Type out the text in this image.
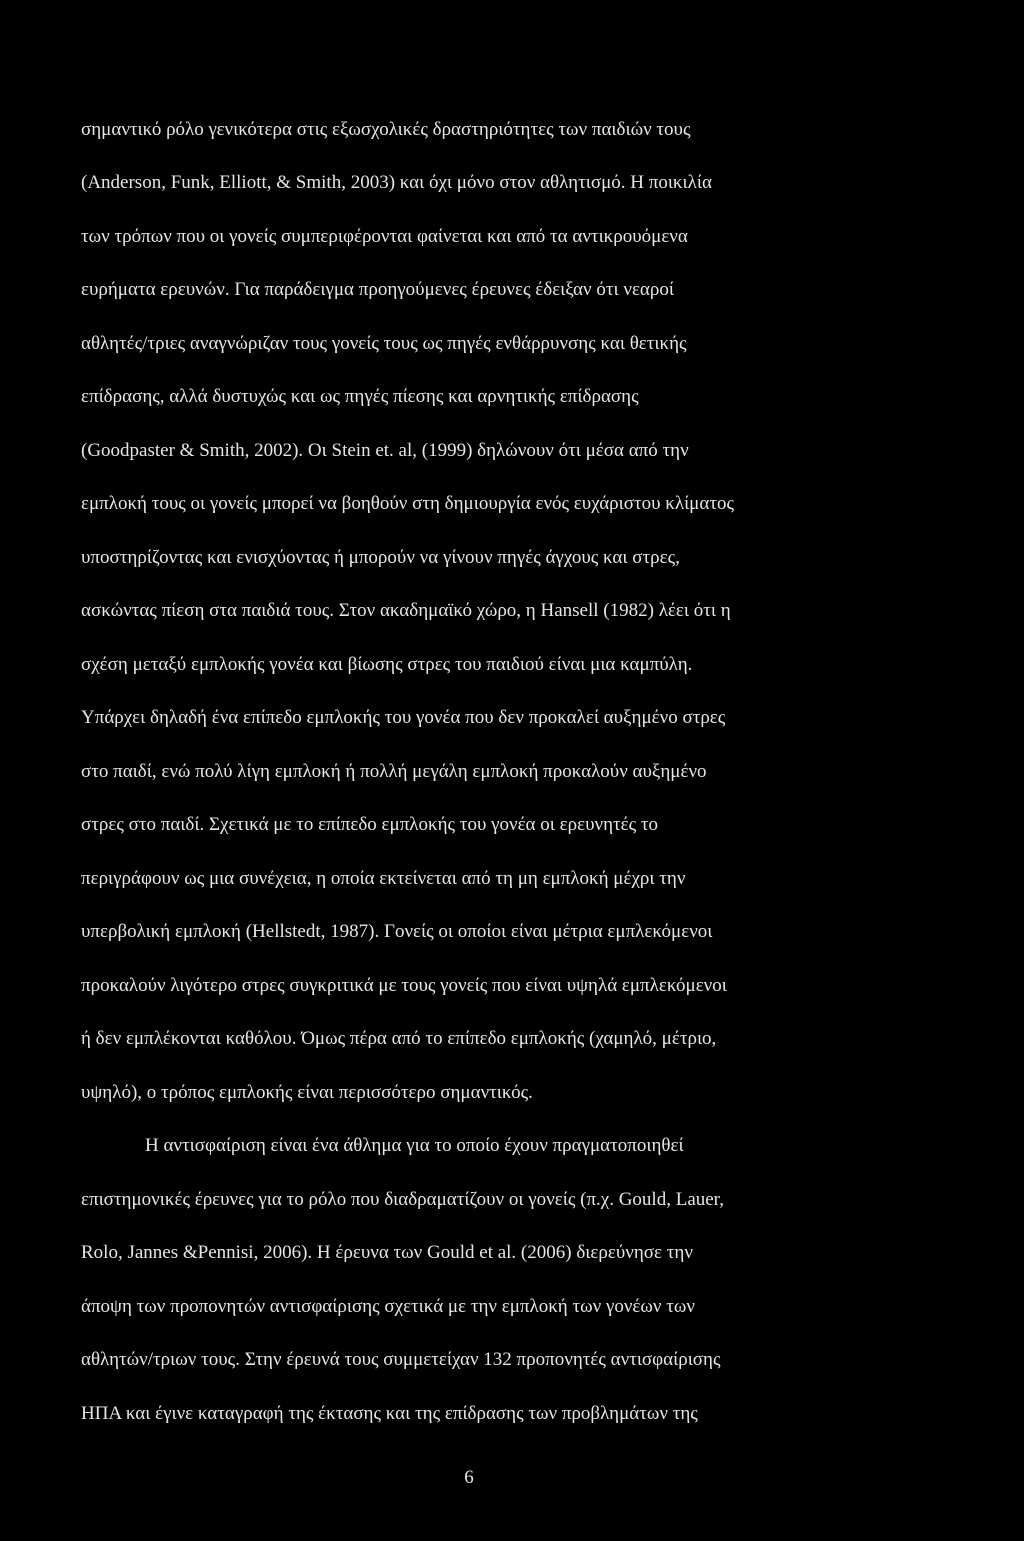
σημαντικό ρόλο γενικότερα στις εξωσχολικές δραστηριότητες των παιδιών τους
(Anderson, Funk, Elliott, & Smith, 2003) και όχι μόνο στον αθλητισμό. Η ποικιλία
των τρόπων που οι γονείς συμπεριφέρονται φαίνεται και από τα αντικρουόμενα
ευρήματα ερευνών. Για παράδειγμα προηγούμενες έρευνες έδειξαν ότι νεαροί
αθλητές/τριες αναγνώριζαν τους γονείς τους ως πηγές ενθάρρυνσης και θετικής
επίδρασης, αλλά δυστυχώς και ως πηγές πίεσης και αρνητικής επίδρασης
(Goodpaster & Smith, 2002). Οι Stein et. al, (1999) δηλώνουν ότι μέσα από την
εμπλοκή τους οι γονείς μπορεί να βοηθούν στη δημιουργία ενός ευχάριστου κλίματος
υποστηρίζοντας και ενισχύοντας ή μπορούν να γίνουν πηγές άγχους και στρες,
ασκώντας πίεση στα παιδιά τους. Στον ακαδημαϊκό χώρο, η Hansell (1982) λέει ότι η
σχέση μεταξύ εμπλοκής γονέα και βίωσης στρες του παιδιού είναι μια καμπύλη.
Υπάρχει δηλαδή ένα επίπεδο εμπλοκής του γονέα που δεν προκαλεί αυξημένο στρες
στο παιδί, ενώ πολύ λίγη εμπλοκή ή πολλή μεγάλη εμπλοκή προκαλούν αυξημένο
στρες στο παιδί. Σχετικά με το επίπεδο εμπλοκής του γονέα οι ερευνητές το
περιγράφουν ως μια συνέχεια, η οποία εκτείνεται από τη μη εμπλοκή μέχρι την
υπερβολική εμπλοκή (Hellstedt, 1987). Γονείς οι οποίοι είναι μέτρια εμπλεκόμενοι
προκαλούν λιγότερο στρες συγκριτικά με τους γονείς που είναι υψηλά εμπλεκόμενοι
ή δεν εμπλέκονται καθόλου. Όμως πέρα από το επίπεδο εμπλοκής (χαμηλό, μέτριο,
υψηλό), ο τρόπος εμπλοκής είναι περισσότερο σημαντικός.
Η αντισφαίριση είναι ένα άθλημα για το οποίο έχουν πραγματοποιηθεί
επιστημονικές έρευνες για το ρόλο που διαδραματίζουν οι γονείς (π.χ. Gould, Lauer,
Rolo, Jannes &Pennisi, 2006). Η έρευνα των Gould et al. (2006) διερεύνησε την
άποψη των προπονητών αντισφαίρισης σχετικά με την εμπλοκή των γονέων των
αθλητών/τριων τους. Στην έρευνά τους συμμετείχαν 132 προπονητές αντισφαίρισης
ΗΠΑ και έγινε καταγραφή της έκτασης και της επίδρασης των προβλημάτων της
6
